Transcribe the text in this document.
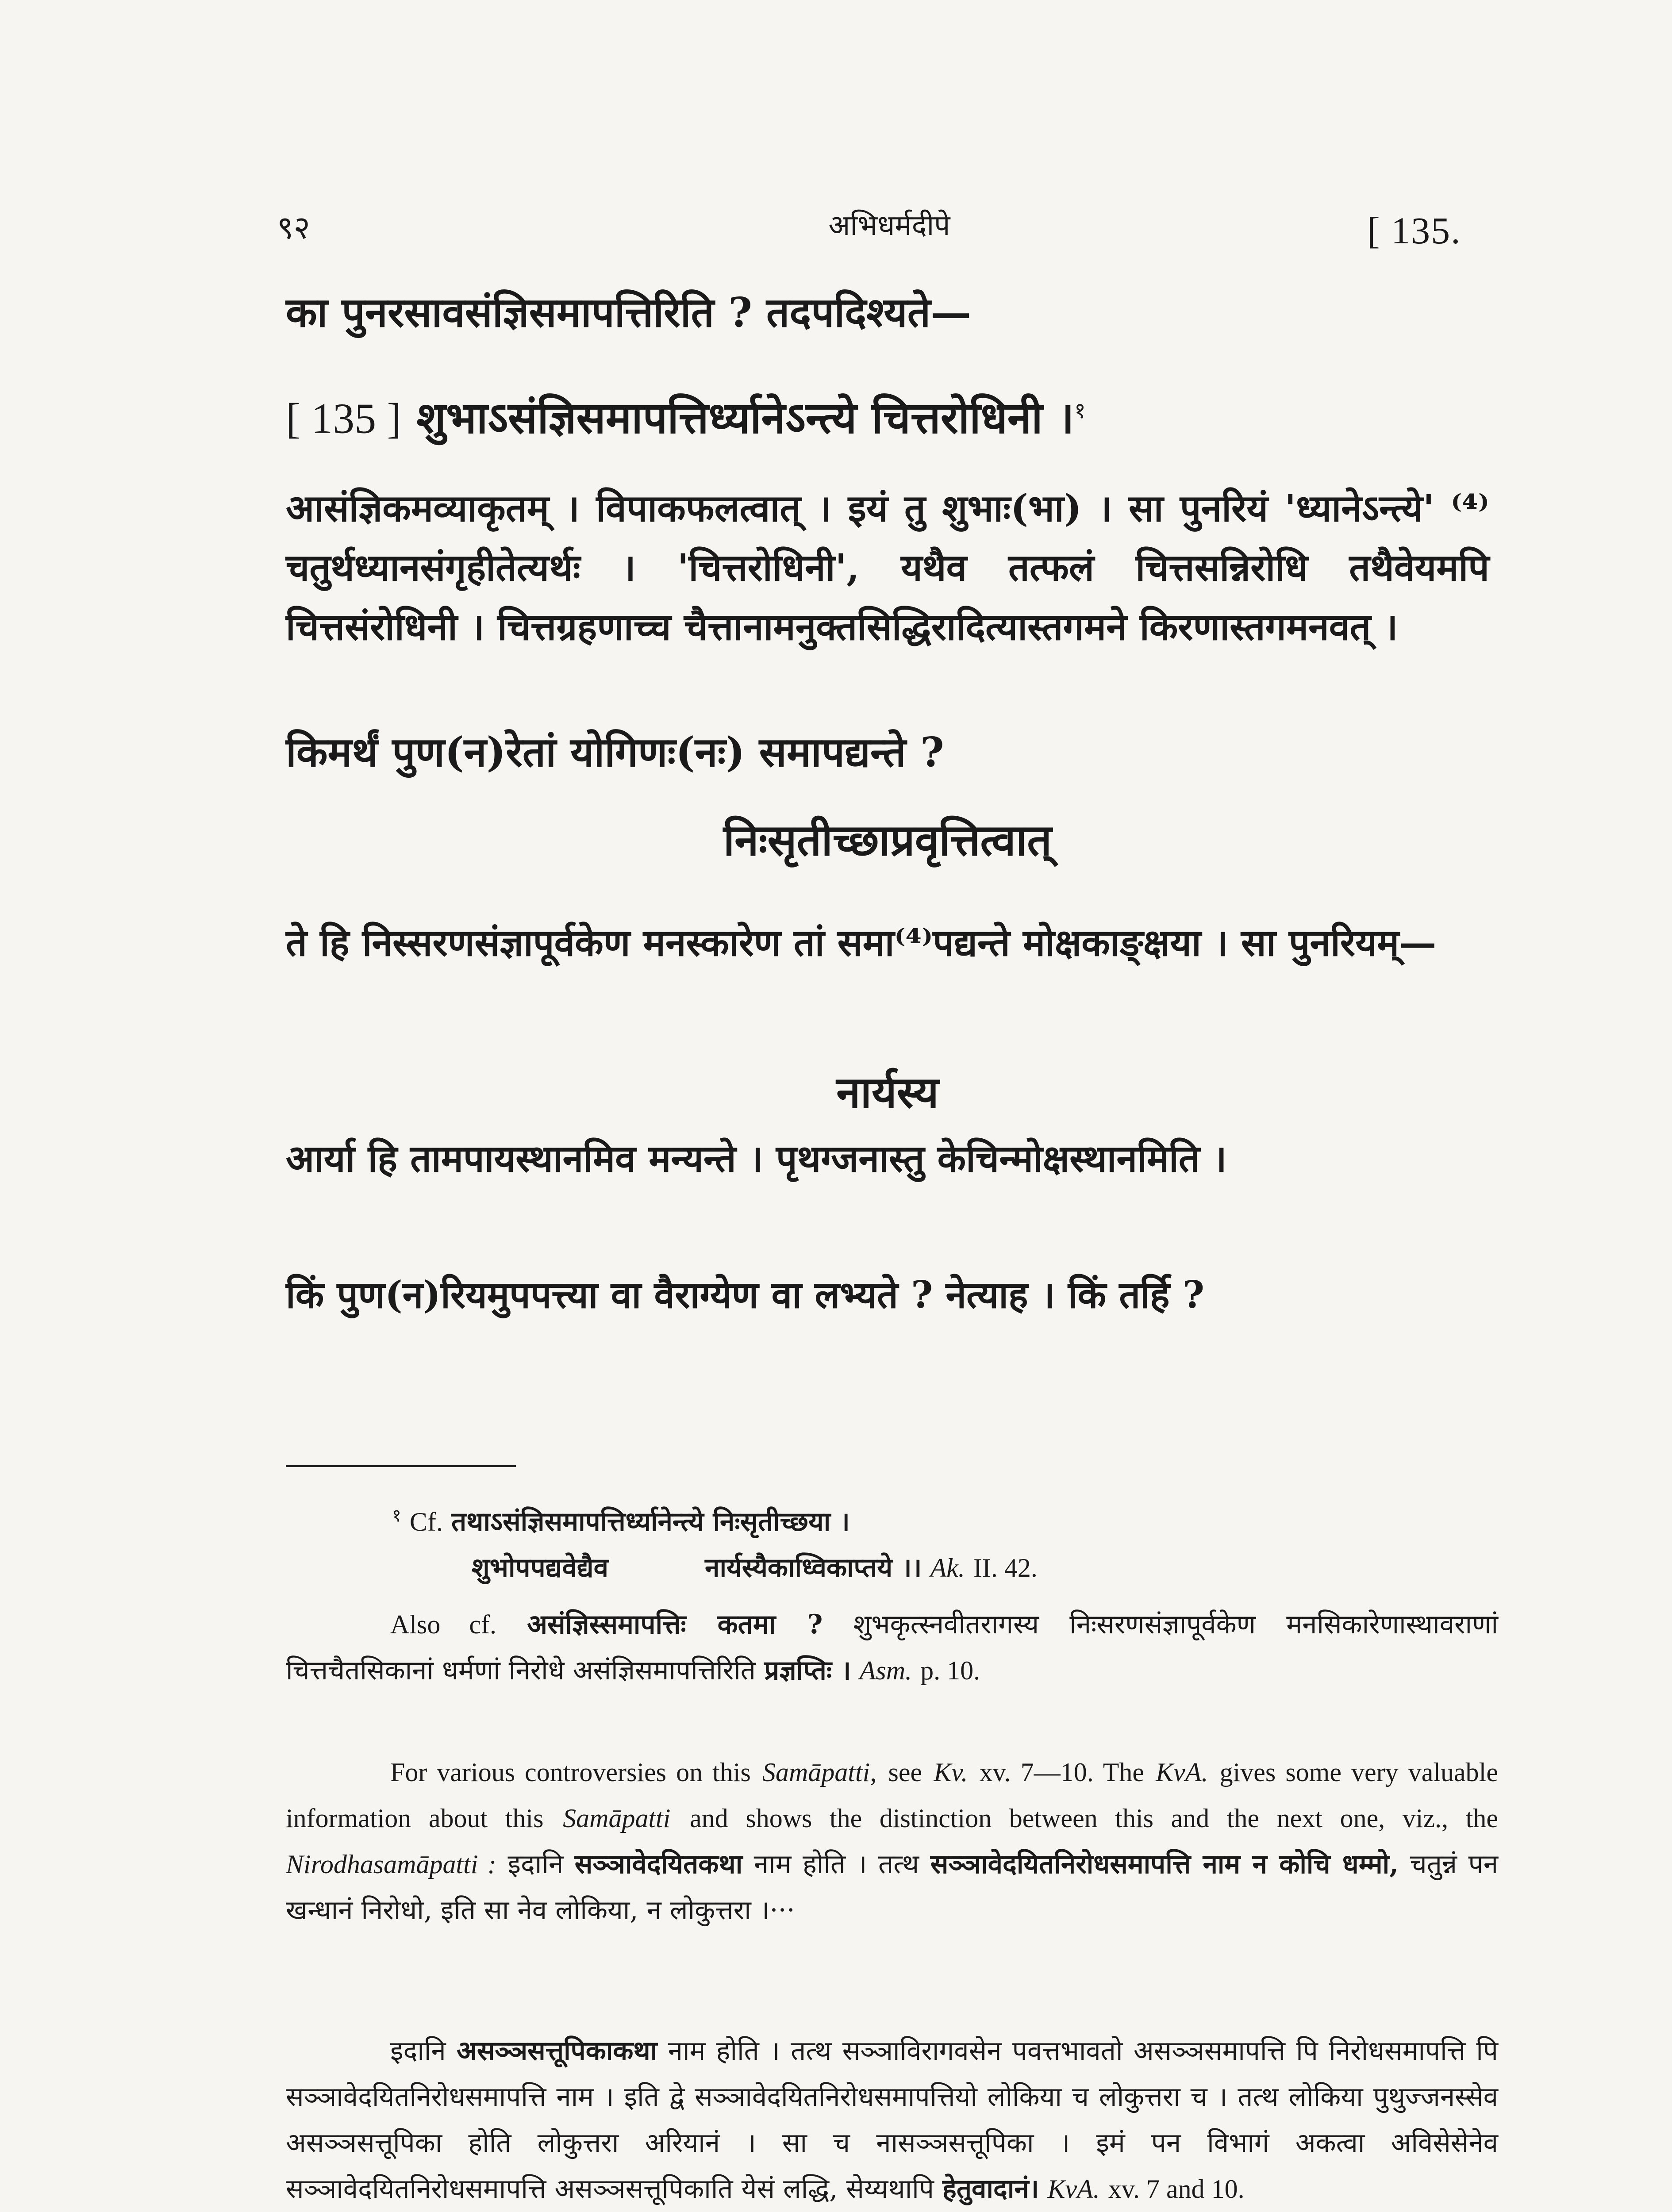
९२	अभिधर्मदीपे	[ 135.
का पुनरसावसंज्ञिसमापत्तिरिति ? तदपदिश्यते—
[ 135 ] शुभाऽसंज्ञिसमापत्तिर्ध्यानेऽन्त्ये चित्तरोधिनी ।$^१$
आसंज्ञिकमव्याकृतम् । विपाकफलत्वात् । इयं तु शुभाः(भा) । सा पुनरियं 'ध्यानेऽन्त्ये' ⁽⁴⁾चतुर्थध्यानसंगृहीतेत्यर्थः । 'चित्तरोधिनी', यथैव तत्फलं चित्तसन्निरोधि तथैवेयमपि चित्तसंरोधिनी । चित्तग्रहणाच्च चैत्तानामनुक्तसिद्धिरादित्यास्तगमने किरणास्तगमनवत् ।
किमर्थं पुण(न)रेतां योगिणः(नः) समापद्यन्ते ?
निःसृतीच्छाप्रवृत्तित्वात्
ते हि निस्सरणसंज्ञापूर्वकेण मनस्कारेण तां समा⁽⁴⁾पद्यन्ते मोक्षकाङ्क्षया । सा पुनरियम्—
नार्यस्य
आर्या हि तामपायस्थानमिव मन्यन्ते । पृथग्जनास्तु केचिन्मोक्षस्थानमिति ।
किं पुण(न)रियमुपपत्त्या वा वैराग्येण वा लभ्यते ? नेत्याह । किं तर्हि ?
$^१$ Cf. तथाऽसंज्ञिसमापत्तिर्ध्यानेन्त्ये निःसृतीच्छया ।
शुभोपपद्यवेद्यैव	नार्यस्यैकाध्विकाप्तये ।। Ak. II. 42.
Also cf. असंज्ञिस्समापत्तिः कतमा ? शुभकृत्स्नवीतरागस्य निःसरणसंज्ञापूर्वकेण मनसिकारेणास्थावराणां चित्तचैतसिकानां धर्मणां निरोधे असंज्ञिसमापत्तिरिति प्रज्ञप्तिः । Asm. p. 10.
For various controversies on this Samāpatti, see Kv. xv. 7—10. The KvA. gives some very valuable information about this Samāpatti and shows the distinction between this and the next one, viz., the Nirodhasamāpatti : इदानि सञ्ञावेदयितकथा नाम होति । तत्थ सञ्ञावेदयितनिरोधसमापत्ति नाम न कोचि धम्मो, चतुन्नं पन खन्धानं निरोधो, इति सा नेव लोकिया, न लोकुत्तरा ।···
इदानि असञ्ञसत्तूपिकाकथा नाम होति । तत्थ सञ्ञाविरागवसेन पवत्तभावतो असञ्ञसमापत्ति पि निरोधसमापत्ति पि सञ्ञावेदयितनिरोधसमापत्ति नाम । इति द्वे सञ्ञावेदयितनिरोधसमापत्तियो लोकिया च लोकुत्तरा च । तत्थ लोकिया पुथुज्जनस्सेव असञ्ञसत्तूपिका होति लोकुत्तरा अरियानं । सा च नासञ्ञसत्तूपिका । इमं पन विभागं अकत्वा अविसेसेनेव सञ्ञावेदयितनिरोधसमापत्ति असञ्ञसत्तूपिकाति येसं लद्धि, सेय्यथापि हेतुवादानं। KvA. xv. 7 and 10.
